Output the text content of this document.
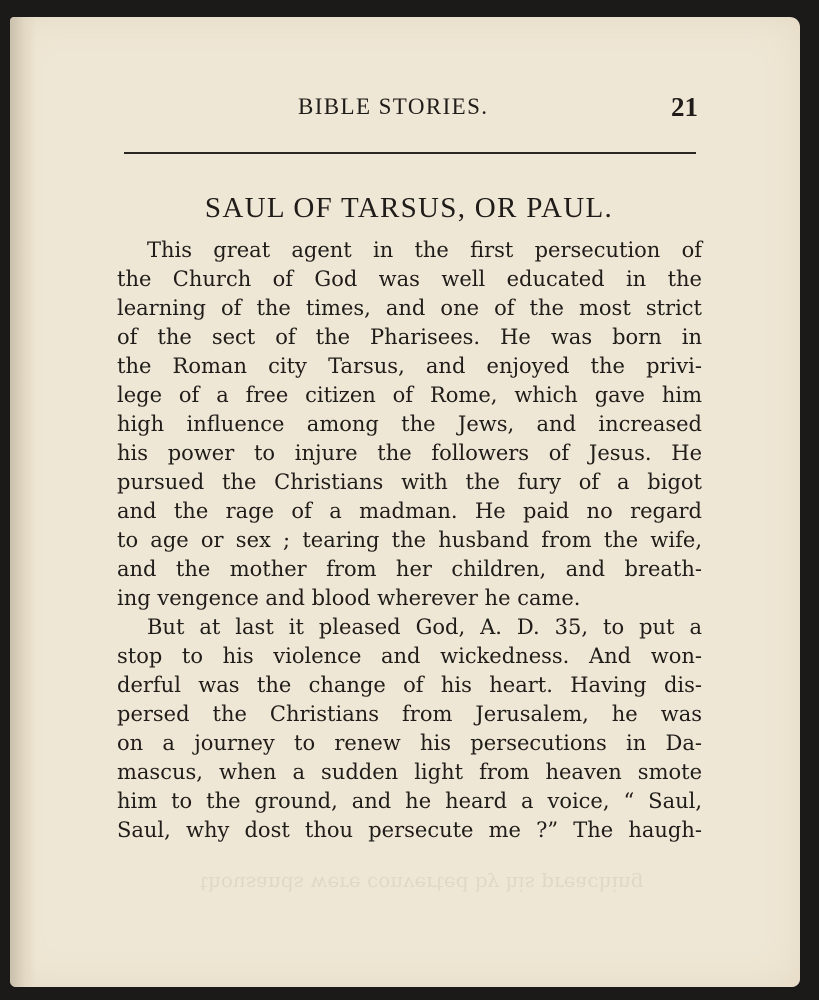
BIBLE STORIES.	21
SAUL OF TARSUS, OR PAUL.
This great agent in the first persecution of
the Church of God was well educated in the
learning of the times, and one of the most strict
of the sect of the Pharisees. He was born in
the Roman city Tarsus, and enjoyed the privi-
lege of a free citizen of Rome, which gave him
high influence among the Jews, and increased
his power to injure the followers of Jesus. He
pursued the Christians with the fury of a bigot
and the rage of a madman. He paid no regard
to age or sex ; tearing the husband from the wife,
and the mother from her children, and breath-
ing vengence and blood wherever he came.
But at last it pleased God, A. D. 35, to put a
stop to his violence and wickedness. And won-
derful was the change of his heart. Having dis-
persed the Christians from Jerusalem, he was
on a journey to renew his persecutions in Da-
mascus, when a sudden light from heaven smote
him to the ground, and he heard a voice, “ Saul,
Saul, why dost thou persecute me ?” The haugh-
thousands were converted by his preaching
